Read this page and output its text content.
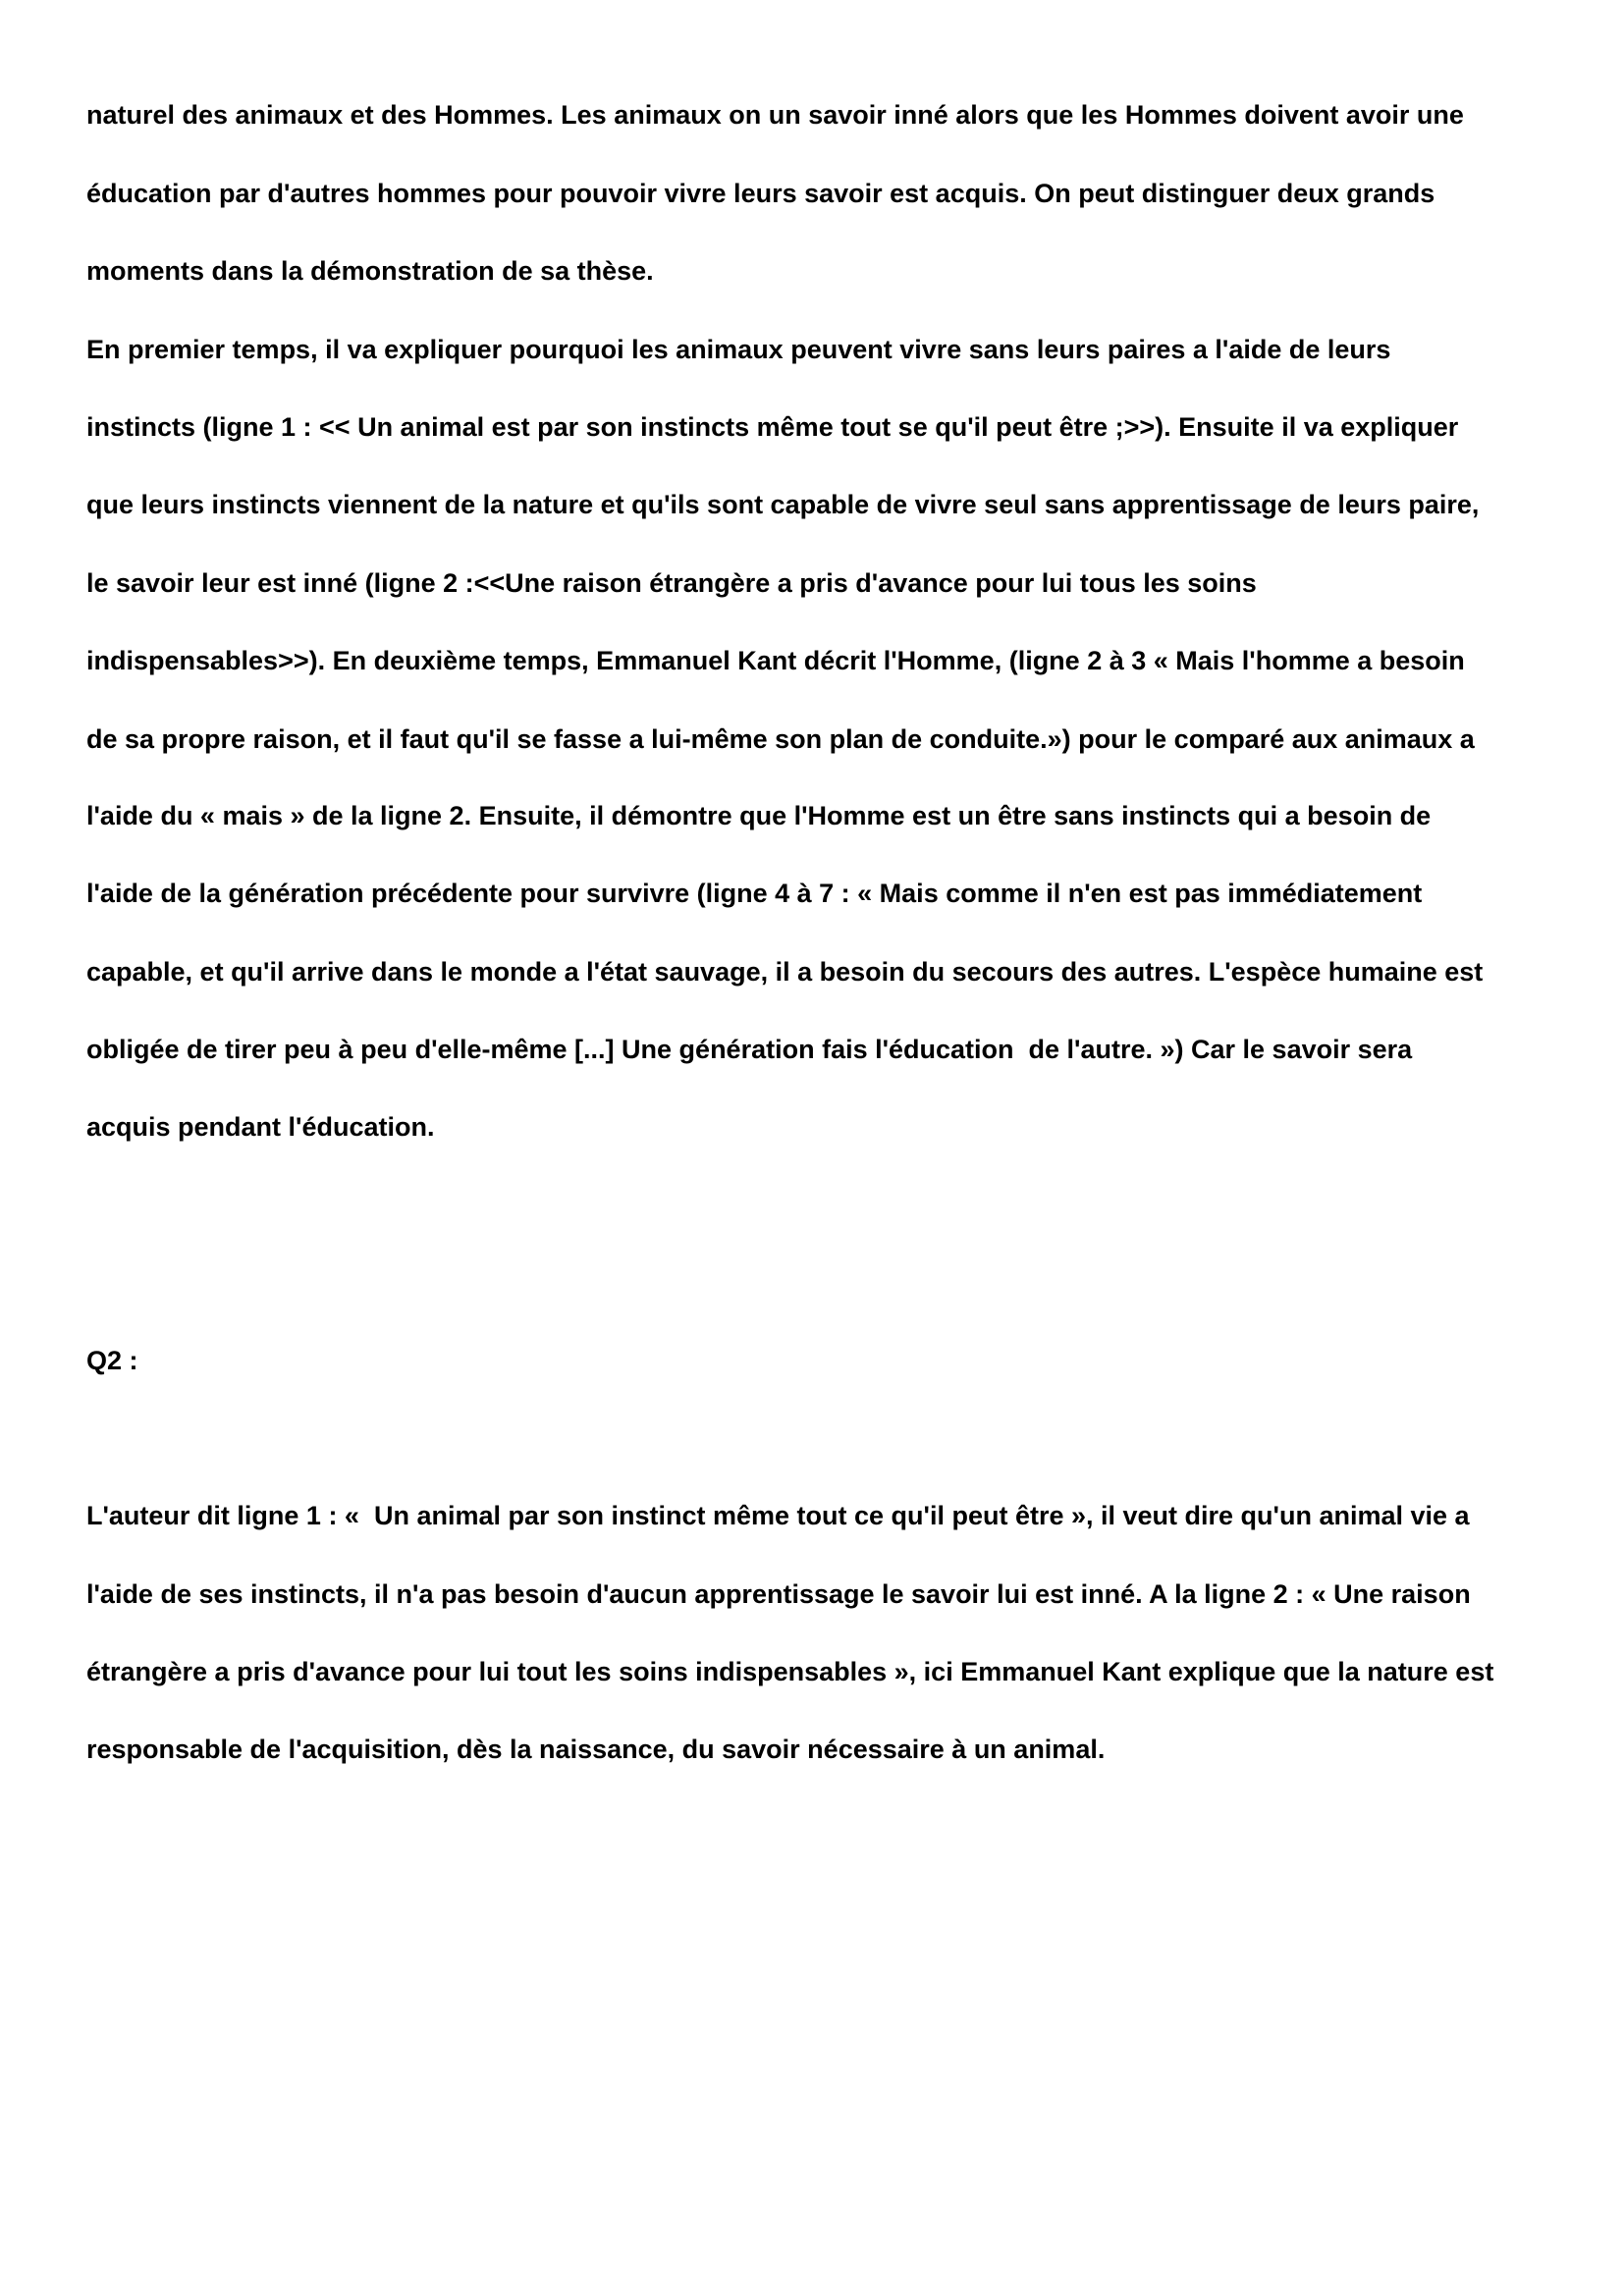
naturel des animaux et des Hommes. Les animaux on un savoir inné alors que les Hommes doivent avoir une
éducation par d'autres hommes pour pouvoir vivre leurs savoir est acquis. On peut distinguer deux grands
moments dans la démonstration de sa thèse.
En premier temps, il va expliquer pourquoi les animaux peuvent vivre sans leurs paires a l'aide de leurs
instincts (ligne 1 : << Un animal est par son instincts même tout se qu'il peut être ;>>). Ensuite il va expliquer
que leurs instincts viennent de la nature et qu'ils sont capable de vivre seul sans apprentissage de leurs paire,
le savoir leur est inné (ligne 2 :<<Une raison étrangère a pris d'avance pour lui tous les soins
indispensables>>). En deuxième temps, Emmanuel Kant décrit l'Homme, (ligne 2 à 3 « Mais l'homme a besoin
de sa propre raison, et il faut qu'il se fasse a lui-même son plan de conduite.») pour le comparé aux animaux a
l'aide du « mais » de la ligne 2. Ensuite, il démontre que l'Homme est un être sans instincts qui a besoin de
l'aide de la génération précédente pour survivre (ligne 4 à 7 : « Mais comme il n'en est pas immédiatement
capable, et qu'il arrive dans le monde a l'état sauvage, il a besoin du secours des autres. L'espèce humaine est
obligée de tirer peu à peu d'elle-même [...] Une génération fais l'éducation  de l'autre. ») Car le savoir sera
acquis pendant l'éducation.
Q2 :
L'auteur dit ligne 1 : «  Un animal par son instinct même tout ce qu'il peut être », il veut dire qu'un animal vie a
l'aide de ses instincts, il n'a pas besoin d'aucun apprentissage le savoir lui est inné. A la ligne 2 : « Une raison
étrangère a pris d'avance pour lui tout les soins indispensables », ici Emmanuel Kant explique que la nature est
responsable de l'acquisition, dès la naissance, du savoir nécessaire à un animal.
